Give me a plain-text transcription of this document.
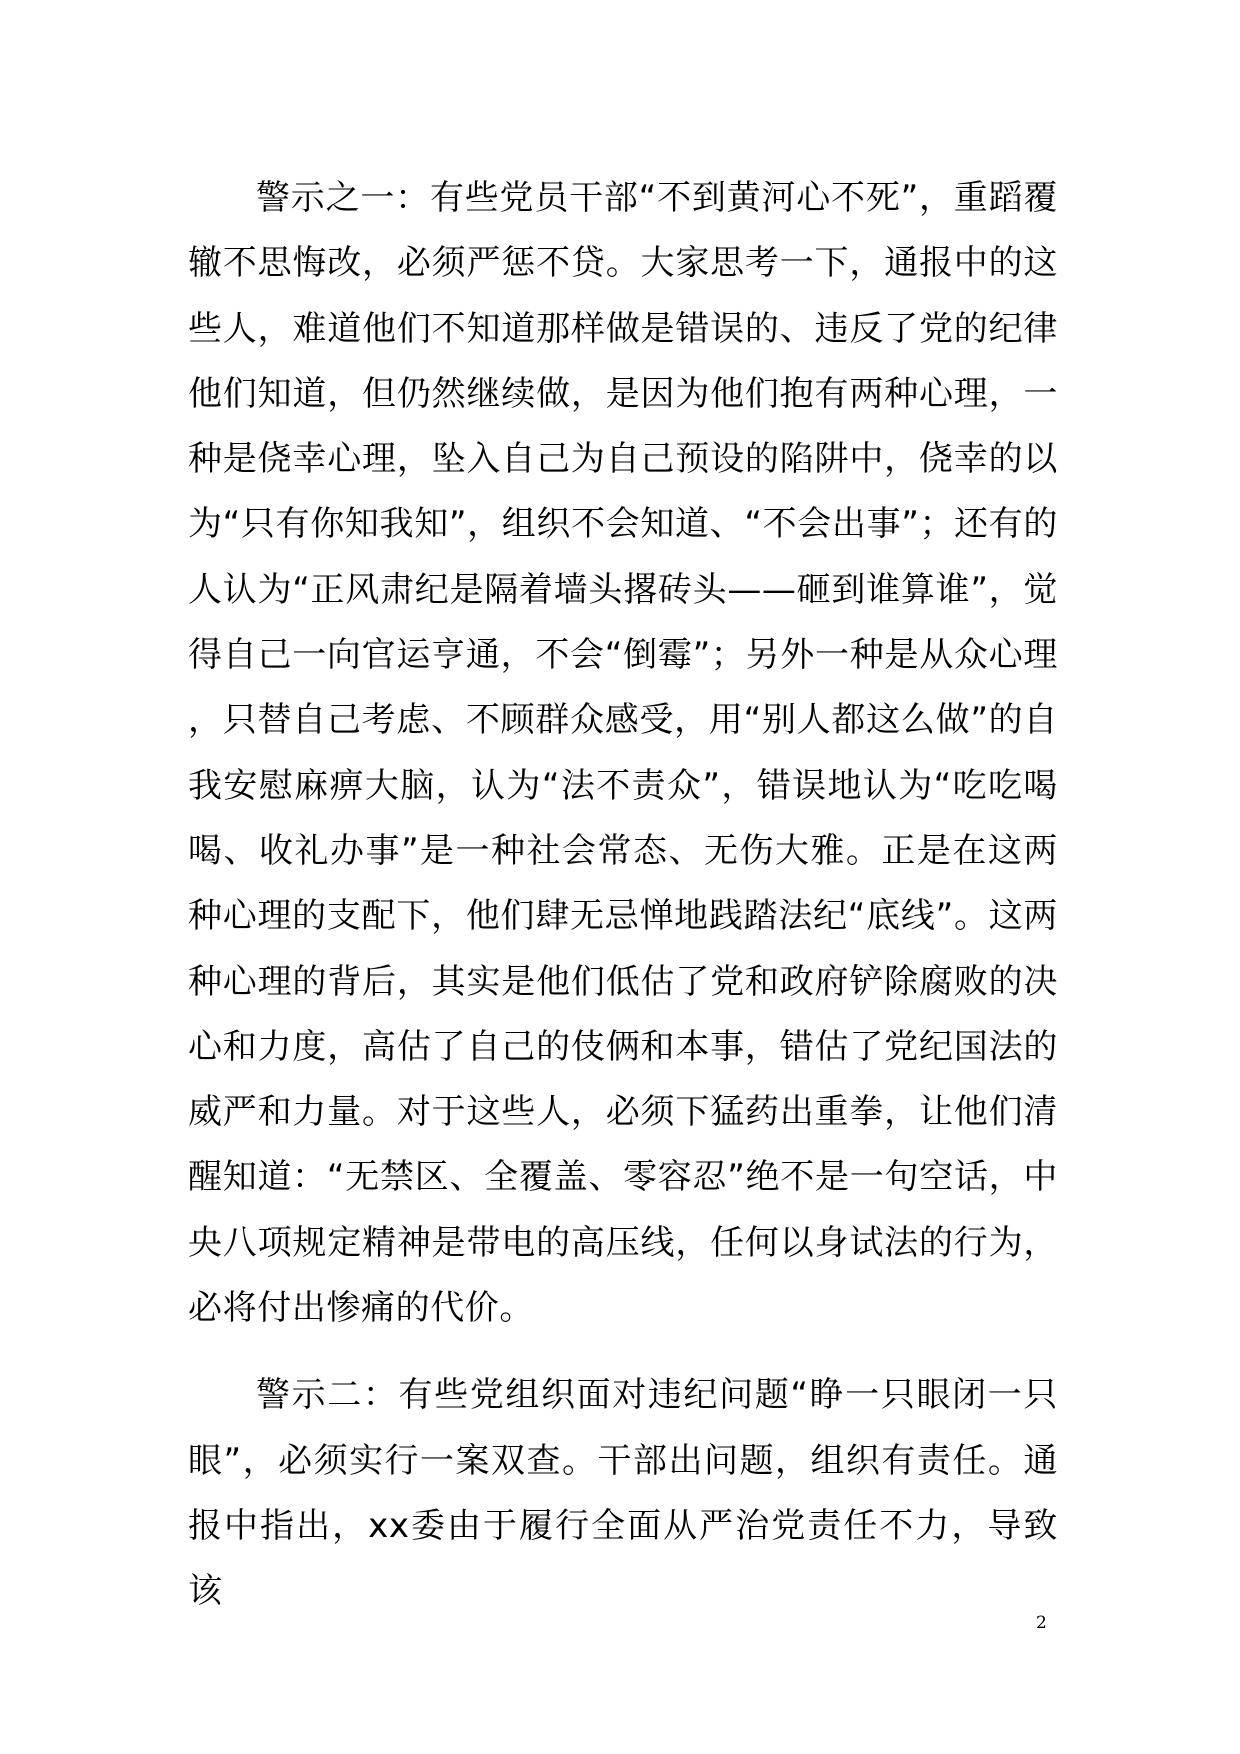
警示之一：有些党员干部“不到黄河心不死”，重蹈覆辙不思悔改，必须严惩不贷。大家思考一下，通报中的这些人，难道他们不知道那样做是错误的、违反了党的纪律他们知道，但仍然继续做，是因为他们抱有两种心理，一种是侥幸心理，坠入自己为自己预设的陷阱中，侥幸的以为“只有你知我知”，组织不会知道、“不会出事”；还有的人认为“正风肃纪是隔着墙头撂砖头——砸到谁算谁”，觉得自己一向官运亨通，不会“倒霉”；另外一种是从众心理，只替自己考虑、不顾群众感受，用“别人都这么做”的自我安慰麻痹大脑，认为“法不责众”，错误地认为“吃吃喝喝、收礼办事”是一种社会常态、无伤大雅。正是在这两种心理的支配下，他们肆无忌惮地践踏法纪“底线”。这两种心理的背后，其实是他们低估了党和政府铲除腐败的决心和力度，高估了自己的伎俩和本事，错估了党纪国法的威严和力量。对于这些人，必须下猛药出重拳，让他们清醒知道：“无禁区、全覆盖、零容忍”绝不是一句空话，中央八项规定精神是带电的高压线，任何以身试法的行为，必将付出惨痛的代价。

警示二：有些党组织面对违纪问题“睁一只眼闭一只眼”，必须实行一案双查。干部出问题，组织有责任。通报中指出，xx委由于履行全面从严治党责任不力，导致该

2
